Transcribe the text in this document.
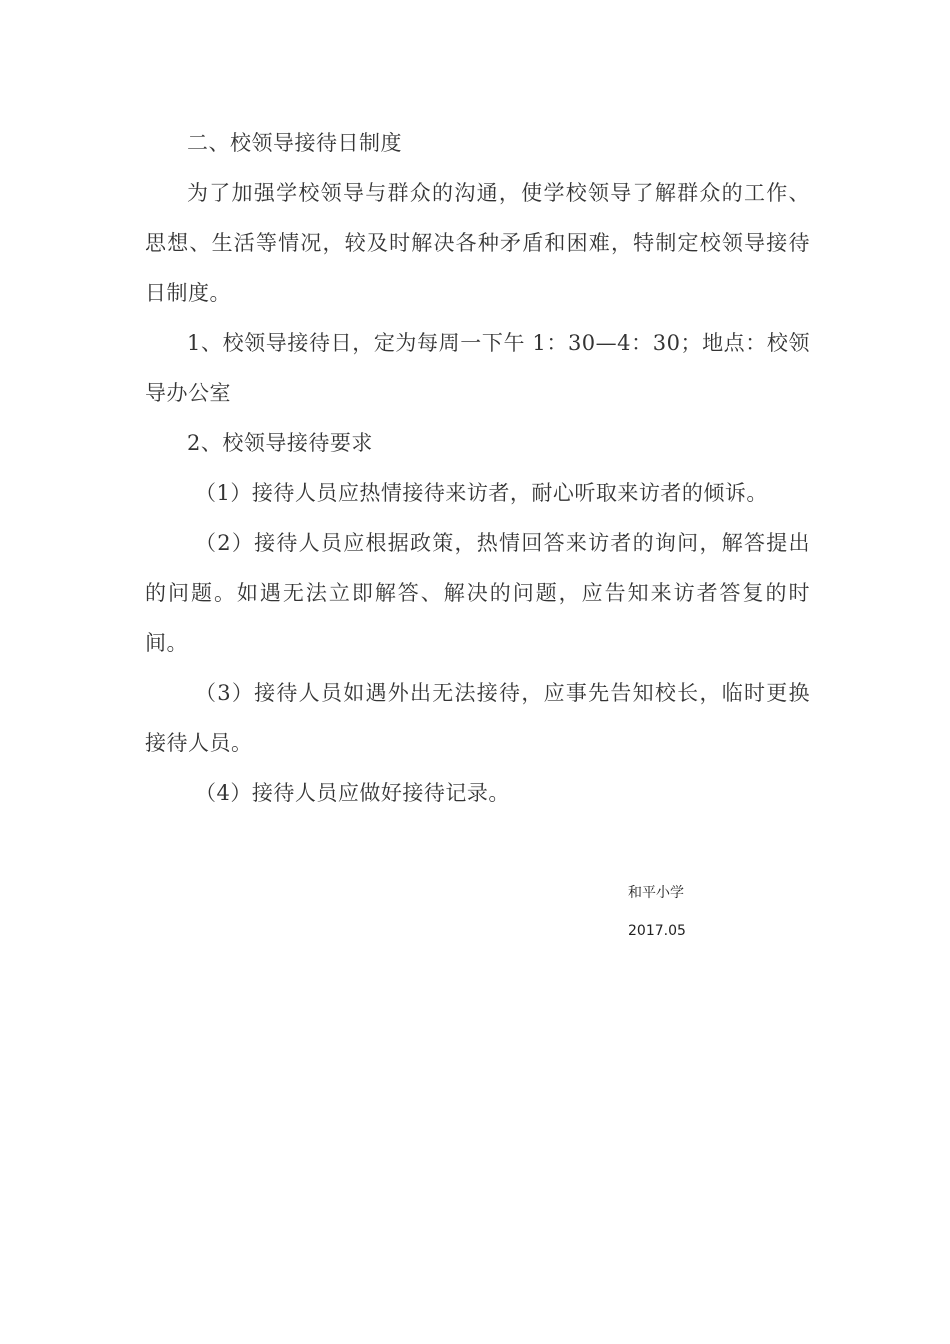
二、校领导接待日制度

为了加强学校领导与群众的沟通，使学校领导了解群众的工作、思想、生活等情况，较及时解决各种矛盾和困难，特制定校领导接待日制度。

1、校领导接待日，定为每周一下午 1：30—4：30；地点：校领导办公室

2、校领导接待要求

（1）接待人员应热情接待来访者，耐心听取来访者的倾诉。

（2）接待人员应根据政策，热情回答来访者的询问，解答提出的问题。如遇无法立即解答、解决的问题，应告知来访者答复的时间。

（3）接待人员如遇外出无法接待，应事先告知校长，临时更换接待人员。

（4）接待人员应做好接待记录。

和平小学
2017.05
